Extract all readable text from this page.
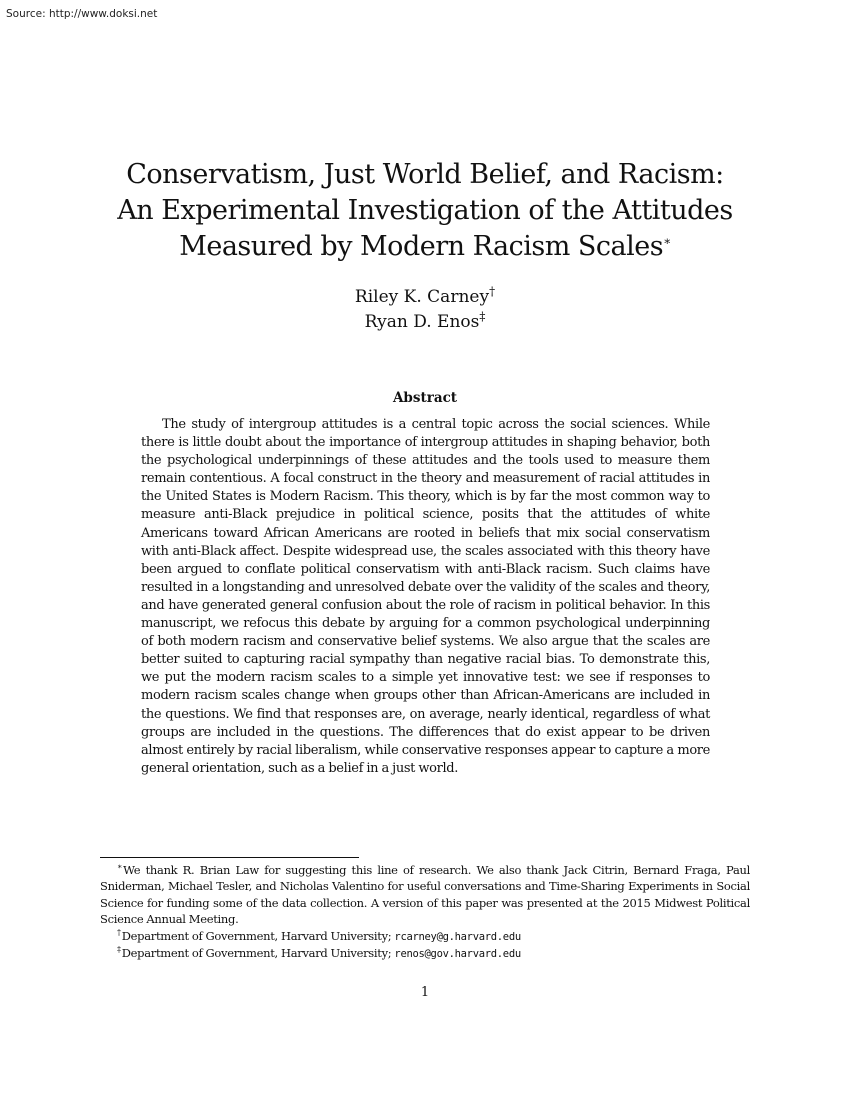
Source: http://www.doksi.net
Conservatism, Just World Belief, and Racism:
An Experimental Investigation of the Attitudes
Measured by Modern Racism Scales∗
Riley K. Carney†
Ryan D. Enos‡
Abstract

The study of intergroup attitudes is a central topic across the social sciences. While there is little doubt about the importance of intergroup attitudes in shaping behavior, both the psychological underpinnings of these attitudes and the tools used to measure them remain contentious. A focal construct in the theory and measurement of racial attitudes in the United States is Modern Racism. This theory, which is by far the most common way to measure anti-Black prejudice in political science, posits that the attitudes of white Americans toward African Americans are rooted in beliefs that mix social conservatism with anti-Black affect. Despite widespread use, the scales associated with this theory have been argued to conflate political conservatism with anti-Black racism. Such claims have resulted in a longstanding and unresolved debate over the validity of the scales and theory, and have generated general confusion about the role of racism in political behavior. In this manuscript, we refocus this debate by arguing for a common psychological underpinning of both modern racism and conservative belief systems. We also argue that the scales are better suited to capturing racial sympathy than negative racial bias. To demonstrate this, we put the modern racism scales to a simple yet innovative test: we see if responses to modern racism scales change when groups other than African-Americans are included in the questions. We find that responses are, on average, nearly identical, regardless of what groups are included in the questions. The differences that do exist appear to be driven almost entirely by racial liberalism, while conservative responses appear to capture a more general orientation, such as a belief in a just world.

∗We thank R. Brian Law for suggesting this line of research. We also thank Jack Citrin, Bernard Fraga, Paul Sniderman, Michael Tesler, and Nicholas Valentino for useful conversations and Time-Sharing Experiments in Social Science for funding some of the data collection. A version of this paper was presented at the 2015 Midwest Political Science Annual Meeting.

†Department of Government, Harvard University; rcarney@g.harvard.edu

‡Department of Government, Harvard University; renos@gov.harvard.edu

1
